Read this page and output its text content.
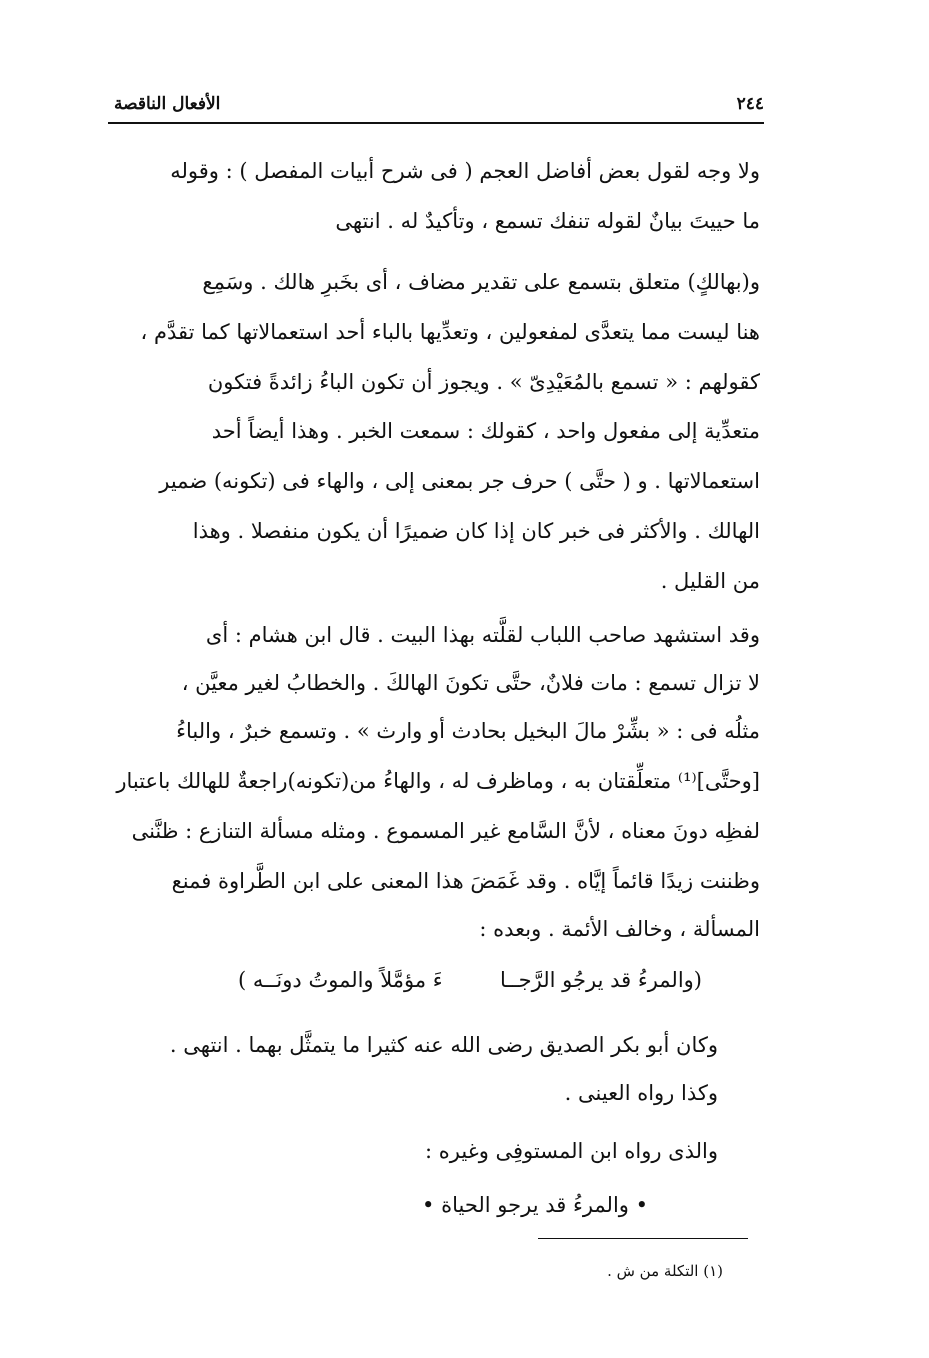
٢٤٤
الأفعال الناقصة
ولا وجه لقول بعض أفاضل العجم ( فى شرح أبيات المفصل ) : وقوله
ما حييتَ بيانٌ لقوله تنفك تسمع ، وتأكيدٌ له . انتهى
و(بهالكٍ) متعلق بتسمع على تقدير مضاف ، أى بخَبرِ هالك . وسَمِع
هنا ليست مما يتعدَّى لمفعولين ، وتعدِّيها بالباء أحد استعمالاتها كما تقدَّم ،
كقولهم : « تسمع بالمُعَيْدِىّ » . ويجوز أن تكون الباءُ زائدةً فتكون
متعدِّية إلى مفعول واحد ، كقولك : سمعت الخبر . وهذا أيضاً أحد
استعمالاتها . و ( حتَّى ) حرف جر بمعنى إلى ، والهاء فى (تكونه) ضمير
الهالك . والأكثر فى خبر كان إذا كان ضميرًا أن يكون منفصلا . وهذا
من القليل .
وقد استشهد صاحب اللباب لقلَّته بهذا البيت . قال ابن هشام : أى
لا تزال تسمع : مات فلانٌ، حتَّى تكونَ الهالكَ . والخطابُ لغير معيَّن ،
مثلُه فى : « بشِّرْ مالَ البخيل بحادث أو وارث » . وتسمع خبرٌ ، والباءُ
[وحتَّى]⁽¹⁾ متعلِّقتان به ، وماظرف له ، والهاءُ من(تكونه)راجعةٌ للهالك باعتبار
لفظِه دونَ معناه ، لأنَّ السَّامع غير المسموع . ومثله مسألة التنازع : ظنَّنى
وظننت زيدًا قائماً إيَّاه . وقد غَمَضَ هذا المعنى على ابن الطَّراوة فمنع
المسألة ، وخالف الأئمة . وبعده :
وكان أبو بكر الصديق رضى الله عنه كثيرا ما يتمثَّل بهما . انتهى .
وكذا رواه العينى .
والذى رواه ابن المستوفِى وغيره :
• والمرءُ قد يرجو الحياة •
(والمرءُ قد يرجُو الرَّجــا
ءَ مؤمَّلاً والموتُ دونَــه )
(١) التكلة من ش .
